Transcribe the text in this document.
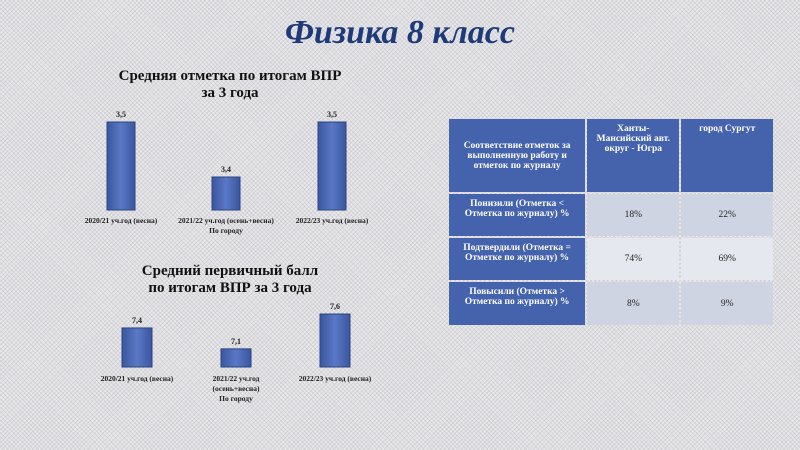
Физика 8 класс
Средняя отметка по итогам ВПР
за 3 года
Средний первичный балл
по итогам ВПР за 3 года
3,5
2020/21 уч.год (весна)
3,4
2021/22 уч.год (осень+весна)
По городу
3,5
2022/23 уч.год (весна)
7,4
2020/21 уч.год (весна)
7,1
2021/22 уч.год
(осень+весна)
По городу
7,6
2022/23 уч.год (весна)
Соответствие отметок за выполненную работу и отметок по журналу	Ханты-Мансийский авт. округ - Югра	город Сургут
Понизили (Отметка < Отметка по журналу) %	18%	22%
Подтвердили (Отметка = Отметке по журналу) %	74%	69%
Повысили (Отметка > Отметка по журналу) %	8%	9%
